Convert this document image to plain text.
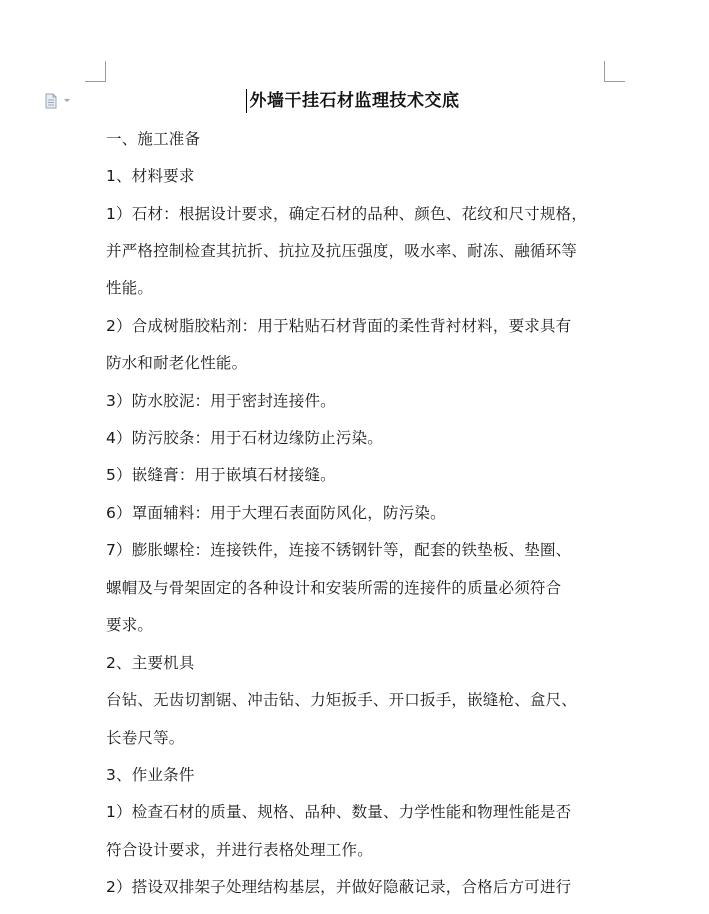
外墙干挂石材监理技术交底
一、施工准备
1、材料要求
1）石材：根据设计要求，确定石材的品种、颜色、花纹和尺寸规格，
并严格控制检查其抗折、抗拉及抗压强度，吸水率、耐冻、融循环等
性能。
2）合成树脂胶粘剂：用于粘贴石材背面的柔性背衬材料，要求具有
防水和耐老化性能。
3）防水胶泥：用于密封连接件。
4）防污胶条：用于石材边缘防止污染。
5）嵌缝膏：用于嵌填石材接缝。
6）罩面辅料：用于大理石表面防风化，防污染。
7）膨胀螺栓：连接铁件，连接不锈钢针等，配套的铁垫板、垫圈、
螺帽及与骨架固定的各种设计和安装所需的连接件的质量必须符合
要求。
2、主要机具
台钻、无齿切割锯、冲击钻、力矩扳手、开口扳手，嵌缝枪、盒尺、
长卷尺等。
3、作业条件
1）检查石材的质量、规格、品种、数量、力学性能和物理性能是否
符合设计要求，并进行表格处理工作。
2）搭设双排架子处理结构基层，并做好隐蔽记录，合格后方可进行
